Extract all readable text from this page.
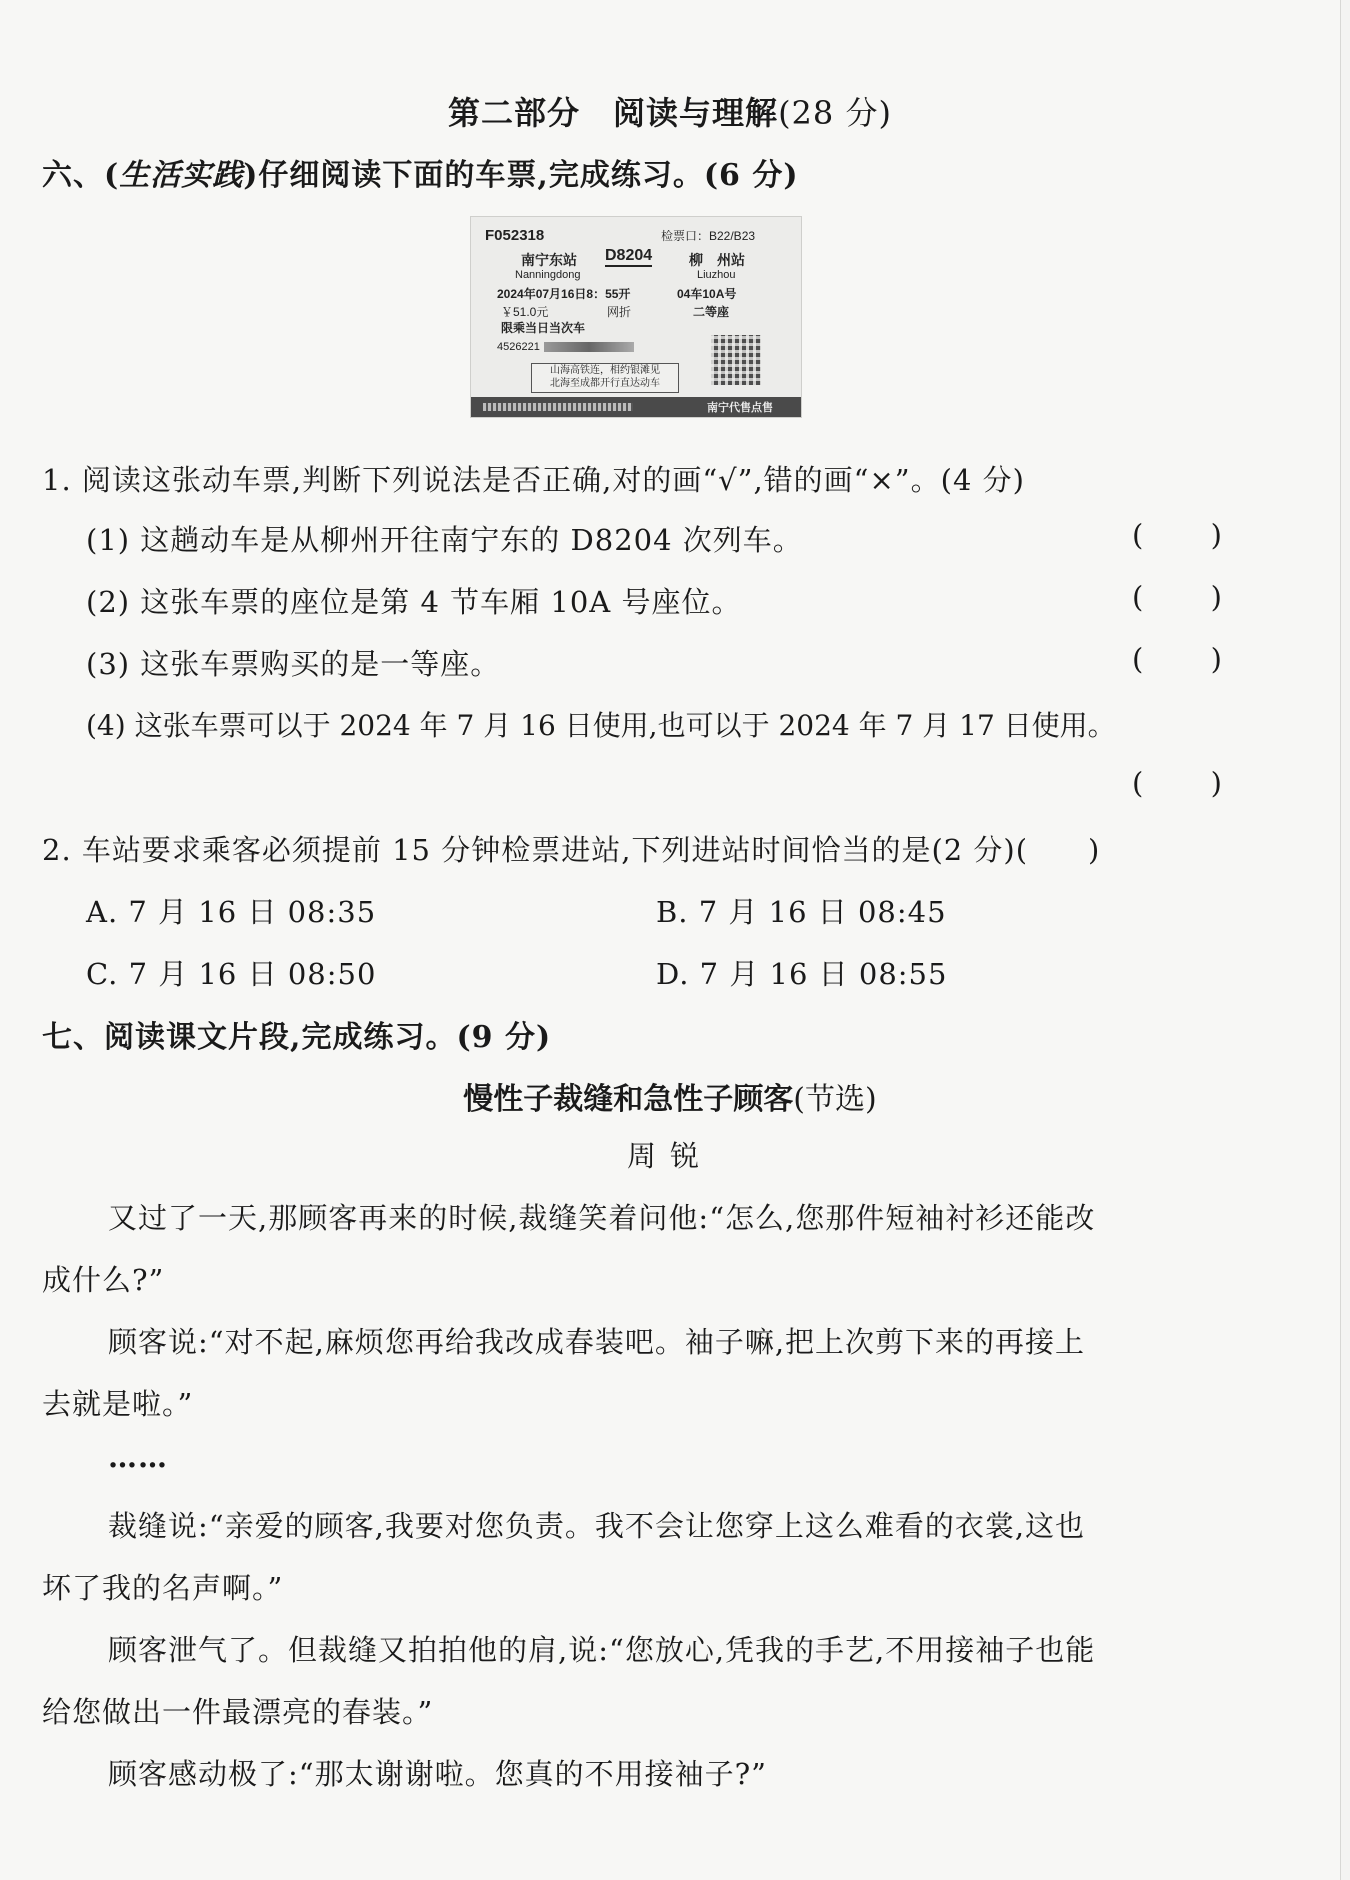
第二部分　阅读与理解(28 分)
六、(生活实践)仔细阅读下面的车票,完成练习。(6 分)
F052318	检票口：B22/B23
南宁东站 D8204	柳　州站
Nanningdong	Liuzhou
2024年07月16日8：55开	04车10A号
￥51.0元	网折	二等座
限乘当日当次车
4526221
山海高铁连，相约银滩见
北海至成都开行直达动车
南宁代售点售
1. 阅读这张动车票,判断下列说法是否正确,对的画“√”,错的画“×”。(4 分)
(1) 这趟动车是从柳州开往南宁东的 D8204 次列车。	( )
(2) 这张车票的座位是第 4 节车厢 10A 号座位。	( )
(3) 这张车票购买的是一等座。	( )
(4) 这张车票可以于 2024 年 7 月 16 日使用,也可以于 2024 年 7 月 17 日使用。
( )
2. 车站要求乘客必须提前 15 分钟检票进站,下列进站时间恰当的是(2 分)(　　)
A. 7 月 16 日 08:35	B. 7 月 16 日 08:45
C. 7 月 16 日 08:50	D. 7 月 16 日 08:55
七、阅读课文片段,完成练习。(9 分)
慢性子裁缝和急性子顾客(节选)
周锐
又过了一天,那顾客再来的时候,裁缝笑着问他:“怎么,您那件短袖衬衫还能改
成什么?”
顾客说:“对不起,麻烦您再给我改成春装吧。袖子嘛,把上次剪下来的再接上
去就是啦。”
……
裁缝说:“亲爱的顾客,我要对您负责。我不会让您穿上这么难看的衣裳,这也
坏了我的名声啊。”
顾客泄气了。但裁缝又拍拍他的肩,说:“您放心,凭我的手艺,不用接袖子也能
给您做出一件最漂亮的春装。”
顾客感动极了:“那太谢谢啦。您真的不用接袖子?”
